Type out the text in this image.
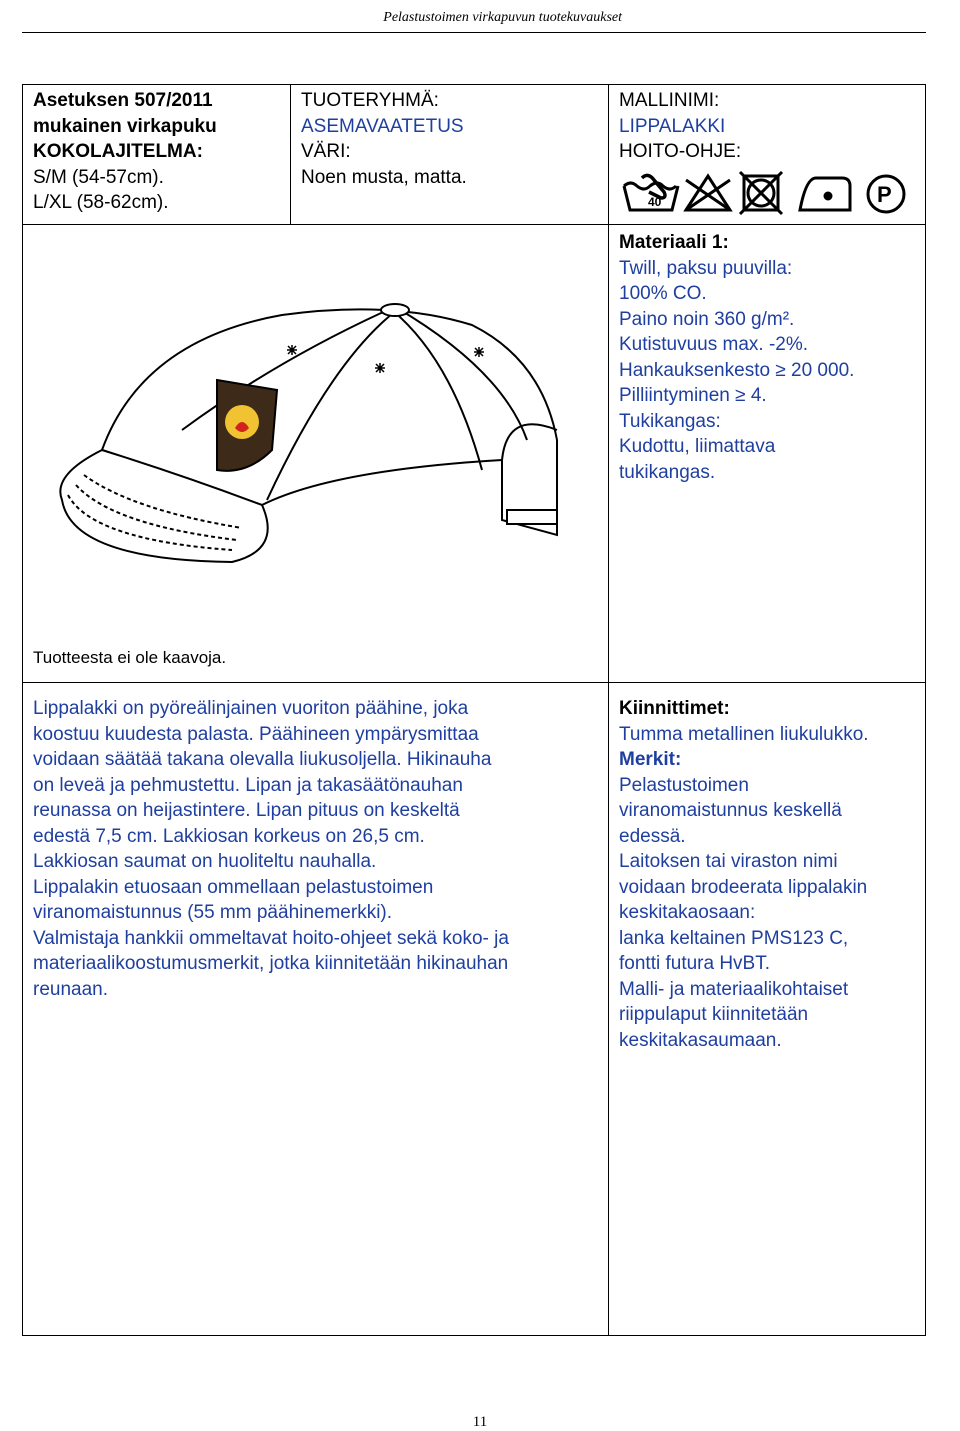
Pelastustoimen virkapuvun tuotekuvaukset
Asetuksen 507/2011
mukainen virkapuku
KOKOLAJITELMA:
S/M (54-57cm).
L/XL (58-62cm).
TUOTERYHMÄ:
ASEMAVAATETUS
VÄRI:
Noen musta, matta.
MALLINIMI:
LIPPALAKKI
HOITO-OHJE:
40	P
Materiaali 1:
Twill, paksu puuvilla:
100% CO.
Paino noin 360 g/m².
Kutistuvuus max. -2%.
Hankauksenkesto ≥ 20 000.
Pilliintyminen ≥ 4.
Tukikangas:
Kudottu, liimattava
tukikangas.
Tuotteesta ei ole kaavoja.
Lippalakki on pyöreälinjainen vuoriton päähine, joka
koostuu kuudesta palasta. Päähineen ympärysmittaa
voidaan säätää takana olevalla liukusoljella. Hikinauha
on leveä ja pehmustettu. Lipan ja takasäätönauhan
reunassa on heijastintere. Lipan pituus on keskeltä
edestä 7,5 cm. Lakkiosan korkeus on 26,5 cm.
Lakkiosan saumat on huoliteltu nauhalla.
Lippalakin etuosaan ommellaan pelastustoimen
viranomaistunnus (55 mm päähinemerkki).
Valmistaja hankkii ommeltavat hoito-ohjeet sekä koko- ja
materiaalikoostumusmerkit, jotka kiinnitetään hikinauhan
reunaan.
Kiinnittimet:
Tumma metallinen liukulukko.
Merkit:
Pelastustoimen
viranomaistunnus keskellä
edessä.
Laitoksen tai viraston nimi
voidaan brodeerata lippalakin
keskitakaosaan:
lanka keltainen PMS123 C,
fontti futura HvBT.
Malli- ja materiaalikohtaiset
riippulaput kiinnitetään
keskitakasaumaan.
11
